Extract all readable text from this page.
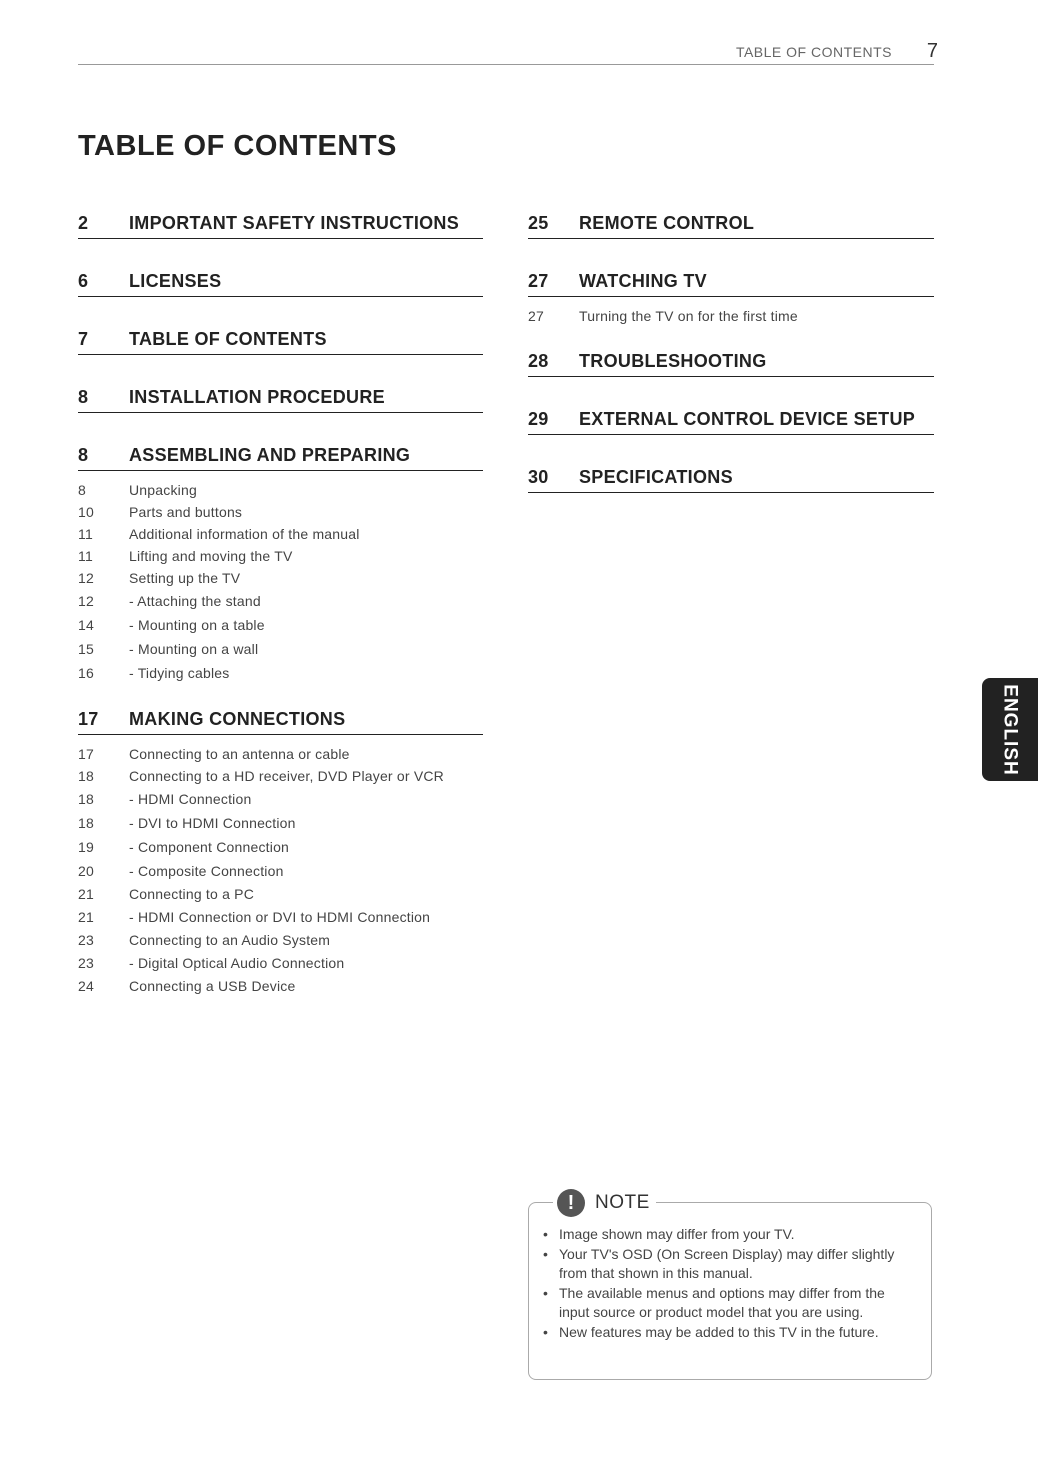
TABLE OF CONTENTS	7
TABLE OF CONTENTS
2	IMPORTANT SAFETY INSTRUCTIONS
6	LICENSES
7	TABLE OF CONTENTS
8	INSTALLATION PROCEDURE
8	ASSEMBLING AND PREPARING
8	Unpacking
10	Parts and buttons
11	Additional information of the manual
11	Lifting and moving the TV
12	Setting up the TV
12	- Attaching the stand
14	- Mounting on a table
15	- Mounting on a wall
16	- Tidying cables
17	MAKING CONNECTIONS
17	Connecting to an antenna or cable
18	Connecting to a HD receiver, DVD Player or VCR
18	- HDMI Connection
18	- DVI to HDMI Connection
19	- Component Connection
20	- Composite Connection
21	Connecting to a PC
21	- HDMI Connection or DVI to HDMI Connection
23	Connecting to an Audio System
23	- Digital Optical Audio Connection
24	Connecting a USB Device
25	REMOTE CONTROL
27	WATCHING TV
27	Turning the TV on for the first time
28	TROUBLESHOOTING
29	EXTERNAL CONTROL DEVICE SETUP
30	SPECIFICATIONS
ENGLISH
!	NOTE
• Image shown may differ from your TV.
• Your TV's OSD (On Screen Display) may differ slightly from that shown in this manual.
• The available menus and options may differ from the input source or product model that you are using.
• New features may be added to this TV in the future.
